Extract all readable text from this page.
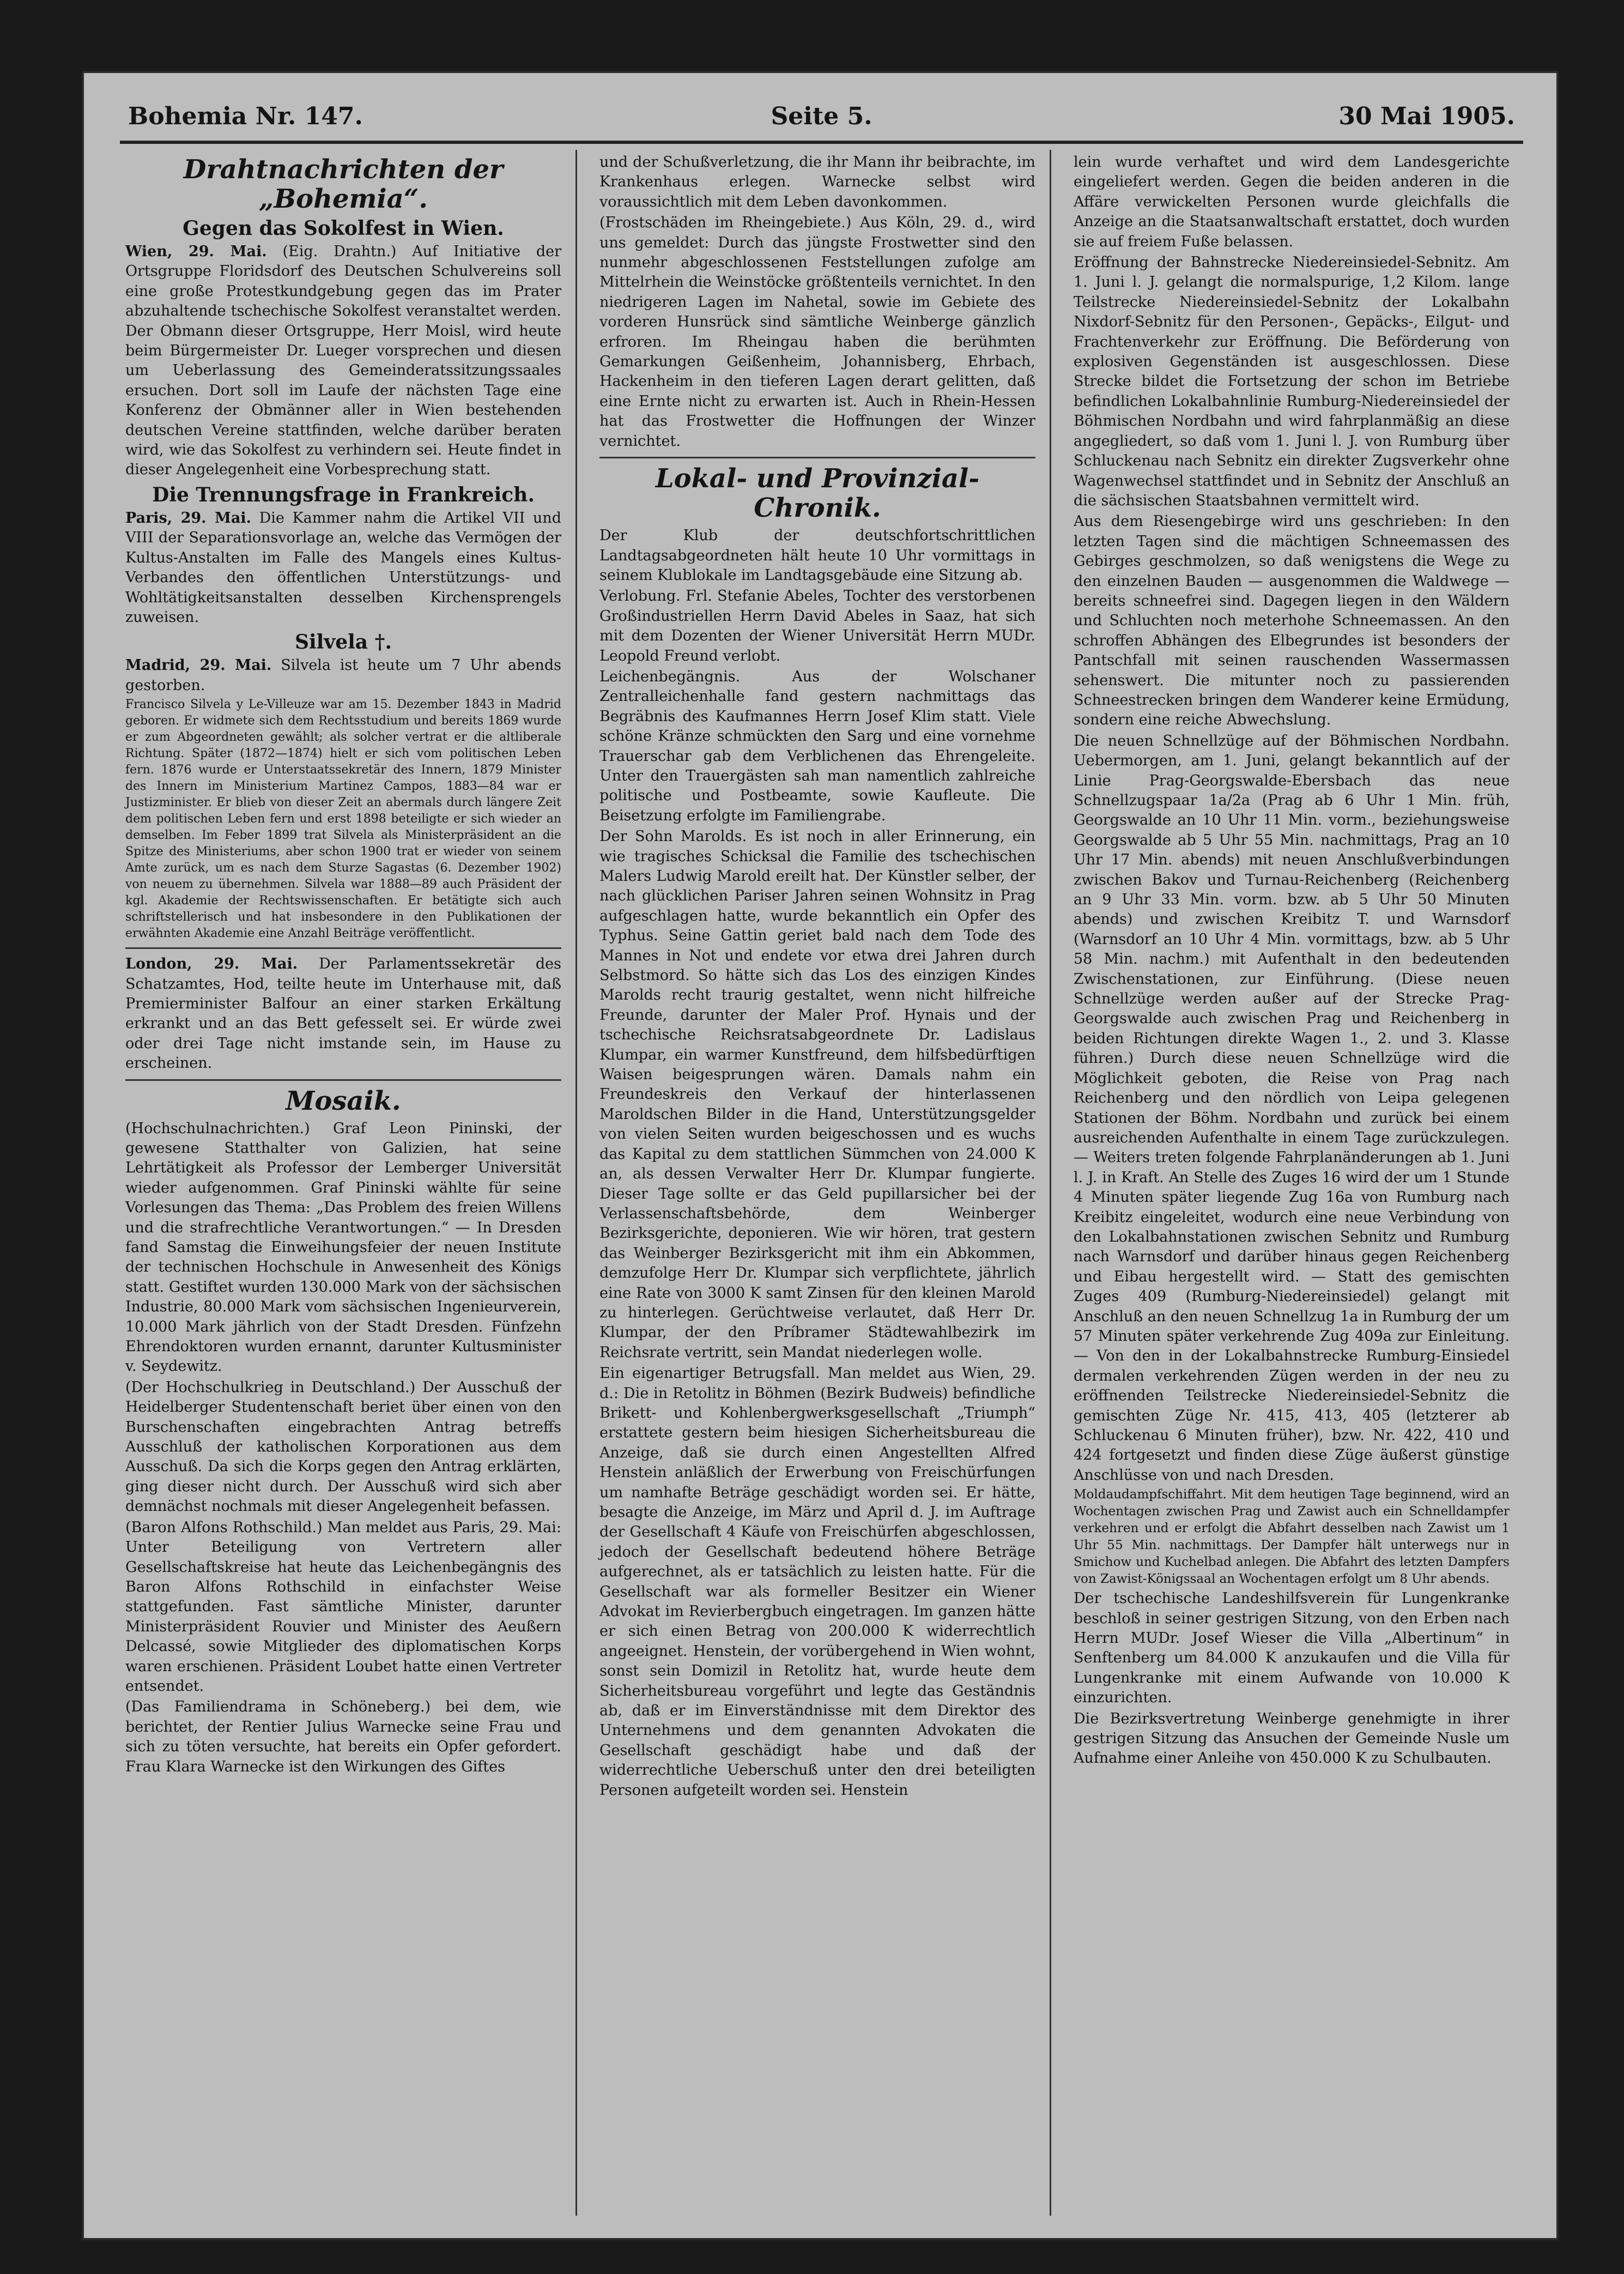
Bohemia Nr. 147.	Seite 5.	30 Mai 1905.
Drahtnachrichten der „Bohemia“.
Gegen das Sokolfest in Wien.

Wien, 29. Mai. (Eig. Drahtn.) Auf Initiative der Ortsgruppe Floridsdorf des Deutschen Schulvereins soll eine große Protestkundgebung gegen das im Prater abzuhaltende tschechische Sokolfest veranstaltet werden. Der Obmann dieser Ortsgruppe, Herr Moisl, wird heute beim Bürgermeister Dr. Lueger vorsprechen und diesen um Ueberlassung des Gemeinderatssitzungssaales ersuchen. Dort soll im Laufe der nächsten Tage eine Konferenz der Obmänner aller in Wien bestehenden deutschen Vereine stattfinden, welche darüber beraten wird, wie das Sokolfest zu verhindern sei. Heute findet in dieser Angelegenheit eine Vorbesprechung statt.

Die Trennungsfrage in Frankreich.

Paris, 29. Mai. Die Kammer nahm die Artikel VII und VIII der Separationsvorlage an, welche das Vermögen der Kultus-Anstalten im Falle des Mangels eines Kultus-Verbandes den öffentlichen Unterstützungs- und Wohltätigkeitsanstalten desselben Kirchensprengels zuweisen.

Silvela †.

Madrid, 29. Mai. Silvela ist heute um 7 Uhr abends gestorben.

Francisco Silvela y Le-Villeuze war am 15. Dezember 1843 in Madrid geboren. Er widmete sich dem Rechtsstudium und bereits 1869 wurde er zum Abgeordneten gewählt; als solcher vertrat er die altliberale Richtung. Später (1872—1874) hielt er sich vom politischen Leben fern. 1876 wurde er Unterstaatssekretär des Innern, 1879 Minister des Innern im Ministerium Martinez Campos, 1883—84 war er Justizminister. Er blieb von dieser Zeit an abermals durch längere Zeit dem politischen Leben fern und erst 1898 beteiligte er sich wieder an demselben. Im Feber 1899 trat Silvela als Ministerpräsident an die Spitze des Ministeriums, aber schon 1900 trat er wieder von seinem Amte zurück, um es nach dem Sturze Sagastas (6. Dezember 1902) von neuem zu übernehmen. Silvela war 1888—89 auch Präsident der kgl. Akademie der Rechtswissenschaften. Er betätigte sich auch schriftstellerisch und hat insbesondere in den Publikationen der erwähnten Akademie eine Anzahl Beiträge veröffentlicht.

London, 29. Mai. Der Parlamentssekretär des Schatzamtes, Hod, teilte heute im Unterhause mit, daß Premierminister Balfour an einer starken Erkältung erkrankt und an das Bett gefesselt sei. Er würde zwei oder drei Tage nicht imstande sein, im Hause zu erscheinen.

Mosaik.

(Hochschulnachrichten.) Graf Leon Pininski, der gewesene Statthalter von Galizien, hat seine Lehrtätigkeit als Professor der Lemberger Universität wieder aufgenommen. Graf Pininski wählte für seine Vorlesungen das Thema: „Das Problem des freien Willens und die strafrechtliche Verantwortungen.“ — In Dresden fand Samstag die Einweihungsfeier der neuen Institute der technischen Hochschule in Anwesenheit des Königs statt. Gestiftet wurden 130.000 Mark von der sächsischen Industrie, 80.000 Mark vom sächsischen Ingenieurverein, 10.000 Mark jährlich von der Stadt Dresden. Fünfzehn Ehrendoktoren wurden ernannt, darunter Kultusminister v. Seydewitz.

(Der Hochschulkrieg in Deutschland.) Der Ausschuß der Heidelberger Studentenschaft beriet über einen von den Burschenschaften eingebrachten Antrag betreffs Ausschluß der katholischen Korporationen aus dem Ausschuß. Da sich die Korps gegen den Antrag erklärten, ging dieser nicht durch. Der Ausschuß wird sich aber demnächst nochmals mit dieser Angelegenheit befassen.

(Baron Alfons Rothschild.) Man meldet aus Paris, 29. Mai: Unter Beteiligung von Vertretern aller Gesellschaftskreise hat heute das Leichenbegängnis des Baron Alfons Rothschild in einfachster Weise stattgefunden. Fast sämtliche Minister, darunter Ministerpräsident Rouvier und Minister des Aeußern Delcassé, sowie Mitglieder des diplomatischen Korps waren erschienen. Präsident Loubet hatte einen Vertreter entsendet.

(Das Familiendrama in Schöneberg.) bei dem, wie berichtet, der Rentier Julius Warnecke seine Frau und sich zu töten versuchte, hat bereits ein Opfer gefordert. Frau Klara Warnecke ist den Wirkungen des Giftes

und der Schußverletzung, die ihr Mann ihr beibrachte, im Krankenhaus erlegen. Warnecke selbst wird voraussichtlich mit dem Leben davonkommen.

(Frostschäden im Rheingebiete.) Aus Köln, 29. d., wird uns gemeldet: Durch das jüngste Frostwetter sind den nunmehr abgeschlossenen Feststellungen zufolge am Mittelrhein die Weinstöcke größtenteils vernichtet. In den niedrigeren Lagen im Nahetal, sowie im Gebiete des vorderen Hunsrück sind sämtliche Weinberge gänzlich erfroren. Im Rheingau haben die berühmten Gemarkungen Geißenheim, Johannisberg, Ehrbach, Hackenheim in den tieferen Lagen derart gelitten, daß eine Ernte nicht zu erwarten ist. Auch in Rhein-Hessen hat das Frostwetter die Hoffnungen der Winzer vernichtet.

Lokal- und Provinzial-Chronik.

Der Klub der deutschfortschrittlichen Landtagsabgeordneten hält heute 10 Uhr vormittags in seinem Klublokale im Landtagsgebäude eine Sitzung ab.

Verlobung. Frl. Stefanie Abeles, Tochter des verstorbenen Großindustriellen Herrn David Abeles in Saaz, hat sich mit dem Dozenten der Wiener Universität Herrn MUDr. Leopold Freund verlobt.

Leichenbegängnis. Aus der Wolschaner Zentralleichenhalle fand gestern nachmittags das Begräbnis des Kaufmannes Herrn Josef Klim statt. Viele schöne Kränze schmückten den Sarg und eine vornehme Trauerschar gab dem Verblichenen das Ehrengeleite. Unter den Trauergästen sah man namentlich zahlreiche politische und Postbeamte, sowie Kaufleute. Die Beisetzung erfolgte im Familiengrabe.

Der Sohn Marolds. Es ist noch in aller Erinnerung, ein wie tragisches Schicksal die Familie des tschechischen Malers Ludwig Marold ereilt hat. Der Künstler selber, der nach glücklichen Pariser Jahren seinen Wohnsitz in Prag aufgeschlagen hatte, wurde bekanntlich ein Opfer des Typhus. Seine Gattin geriet bald nach dem Tode des Mannes in Not und endete vor etwa drei Jahren durch Selbstmord. So hätte sich das Los des einzigen Kindes Marolds recht traurig gestaltet, wenn nicht hilfreiche Freunde, darunter der Maler Prof. Hynais und der tschechische Reichsratsabgeordnete Dr. Ladislaus Klumpar, ein warmer Kunstfreund, dem hilfsbedürftigen Waisen beigesprungen wären. Damals nahm ein Freundeskreis den Verkauf der hinterlassenen Maroldschen Bilder in die Hand, Unterstützungsgelder von vielen Seiten wurden beigeschossen und es wuchs das Kapital zu dem stattlichen Sümmchen von 24.000 K an, als dessen Verwalter Herr Dr. Klumpar fungierte. Dieser Tage sollte er das Geld pupillarsicher bei der Verlassenschaftsbehörde, dem Weinberger Bezirksgerichte, deponieren. Wie wir hören, trat gestern das Weinberger Bezirksgericht mit ihm ein Abkommen, demzufolge Herr Dr. Klumpar sich verpflichtete, jährlich eine Rate von 3000 K samt Zinsen für den kleinen Marold zu hinterlegen. Gerüchtweise verlautet, daß Herr Dr. Klumpar, der den Príbramer Städtewahlbezirk im Reichsrate vertritt, sein Mandat niederlegen wolle.

Ein eigenartiger Betrugsfall. Man meldet aus Wien, 29. d.: Die in Retolitz in Böhmen (Bezirk Budweis) befindliche Brikett- und Kohlenbergwerksgesellschaft „Triumph“ erstattete gestern beim hiesigen Sicherheitsbureau die Anzeige, daß sie durch einen Angestellten Alfred Henstein anläßlich der Erwerbung von Freischürfungen um namhafte Beträge geschädigt worden sei. Er hätte, besagte die Anzeige, im März und April d. J. im Auftrage der Gesellschaft 4 Käufe von Freischürfen abgeschlossen, jedoch der Gesellschaft bedeutend höhere Beträge aufgerechnet, als er tatsächlich zu leisten hatte. Für die Gesellschaft war als formeller Besitzer ein Wiener Advokat im Revierbergbuch eingetragen. Im ganzen hätte er sich einen Betrag von 200.000 K widerrechtlich angeeignet. Henstein, der vorübergehend in Wien wohnt, sonst sein Domizil in Retolitz hat, wurde heute dem Sicherheitsbureau vorgeführt und legte das Geständnis ab, daß er im Einverständnisse mit dem Direktor des Unternehmens und dem genannten Advokaten die Gesellschaft geschädigt habe und daß der widerrechtliche Ueberschuß unter den drei beteiligten Personen aufgeteilt worden sei. Henstein

lein wurde verhaftet und wird dem Landesgerichte eingeliefert werden. Gegen die beiden anderen in die Affäre verwickelten Personen wurde gleichfalls die Anzeige an die Staatsanwaltschaft erstattet, doch wurden sie auf freiem Fuße belassen.

Eröffnung der Bahnstrecke Niedereinsiedel-Sebnitz. Am 1. Juni l. J. gelangt die normalspurige, 1,2 Kilom. lange Teilstrecke Niedereinsiedel-Sebnitz der Lokalbahn Nixdorf-Sebnitz für den Personen-, Gepäcks-, Eilgut- und Frachtenverkehr zur Eröffnung. Die Beförderung von explosiven Gegenständen ist ausgeschlossen. Diese Strecke bildet die Fortsetzung der schon im Betriebe befindlichen Lokalbahnlinie Rumburg-Niedereinsiedel der Böhmischen Nordbahn und wird fahrplanmäßig an diese angegliedert, so daß vom 1. Juni l. J. von Rumburg über Schluckenau nach Sebnitz ein direkter Zugsverkehr ohne Wagenwechsel stattfindet und in Sebnitz der Anschluß an die sächsischen Staatsbahnen vermittelt wird.

Aus dem Riesengebirge wird uns geschrieben: In den letzten Tagen sind die mächtigen Schneemassen des Gebirges geschmolzen, so daß wenigstens die Wege zu den einzelnen Bauden — ausgenommen die Waldwege — bereits schneefrei sind. Dagegen liegen in den Wäldern und Schluchten noch meterhohe Schneemassen. An den schroffen Abhängen des Elbegrundes ist besonders der Pantschfall mit seinen rauschenden Wassermassen sehenswert. Die mitunter noch zu passierenden Schneestrecken bringen dem Wanderer keine Ermüdung, sondern eine reiche Abwechslung.

Die neuen Schnellzüge auf der Böhmischen Nordbahn. Uebermorgen, am 1. Juni, gelangt bekanntlich auf der Linie Prag-Georgswalde-Ebersbach das neue Schnellzugspaar 1a/2a (Prag ab 6 Uhr 1 Min. früh, Georgswalde an 10 Uhr 11 Min. vorm., beziehungsweise Georgswalde ab 5 Uhr 55 Min. nachmittags, Prag an 10 Uhr 17 Min. abends) mit neuen Anschlußverbindungen zwischen Bakov und Turnau-Reichenberg (Reichenberg an 9 Uhr 33 Min. vorm. bzw. ab 5 Uhr 50 Minuten abends) und zwischen Kreibitz T. und Warnsdorf (Warnsdorf an 10 Uhr 4 Min. vormittags, bzw. ab 5 Uhr 58 Min. nachm.) mit Aufenthalt in den bedeutenden Zwischenstationen, zur Einführung. (Diese neuen Schnellzüge werden außer auf der Strecke Prag-Georgswalde auch zwischen Prag und Reichenberg in beiden Richtungen direkte Wagen 1., 2. und 3. Klasse führen.) Durch diese neuen Schnellzüge wird die Möglichkeit geboten, die Reise von Prag nach Reichenberg und den nördlich von Leipa gelegenen Stationen der Böhm. Nordbahn und zurück bei einem ausreichenden Aufenthalte in einem Tage zurückzulegen. — Weiters treten folgende Fahrplanänderungen ab 1. Juni l. J. in Kraft. An Stelle des Zuges 16 wird der um 1 Stunde 4 Minuten später liegende Zug 16a von Rumburg nach Kreibitz eingeleitet, wodurch eine neue Verbindung von den Lokalbahnstationen zwischen Sebnitz und Rumburg nach Warnsdorf und darüber hinaus gegen Reichenberg und Eibau hergestellt wird. — Statt des gemischten Zuges 409 (Rumburg-Niedereinsiedel) gelangt mit Anschluß an den neuen Schnellzug 1a in Rumburg der um 57 Minuten später verkehrende Zug 409a zur Einleitung. — Von den in der Lokalbahnstrecke Rumburg-Einsiedel dermalen verkehrenden Zügen werden in der neu zu eröffnenden Teilstrecke Niedereinsiedel-Sebnitz die gemischten Züge Nr. 415, 413, 405 (letzterer ab Schluckenau 6 Minuten früher), bzw. Nr. 422, 410 und 424 fortgesetzt und finden diese Züge äußerst günstige Anschlüsse von und nach Dresden.

Moldaudampfschiffahrt. Mit dem heutigen Tage beginnend, wird an Wochentagen zwischen Prag und Zawist auch ein Schnelldampfer verkehren und er erfolgt die Abfahrt desselben nach Zawist um 1 Uhr 55 Min. nachmittags. Der Dampfer hält unterwegs nur in Smichow und Kuchelbad anlegen. Die Abfahrt des letzten Dampfers von Zawist-Königssaal an Wochentagen erfolgt um 8 Uhr abends.

Der tschechische Landeshilfsverein für Lungenkranke beschloß in seiner gestrigen Sitzung, von den Erben nach Herrn MUDr. Josef Wieser die Villa „Albertinum“ in Senftenberg um 84.000 K anzukaufen und die Villa für Lungenkranke mit einem Aufwande von 10.000 K einzurichten.

Die Bezirksvertretung Weinberge genehmigte in ihrer gestrigen Sitzung das Ansuchen der Gemeinde Nusle um Aufnahme einer Anleihe von 450.000 K zu Schulbauten.
